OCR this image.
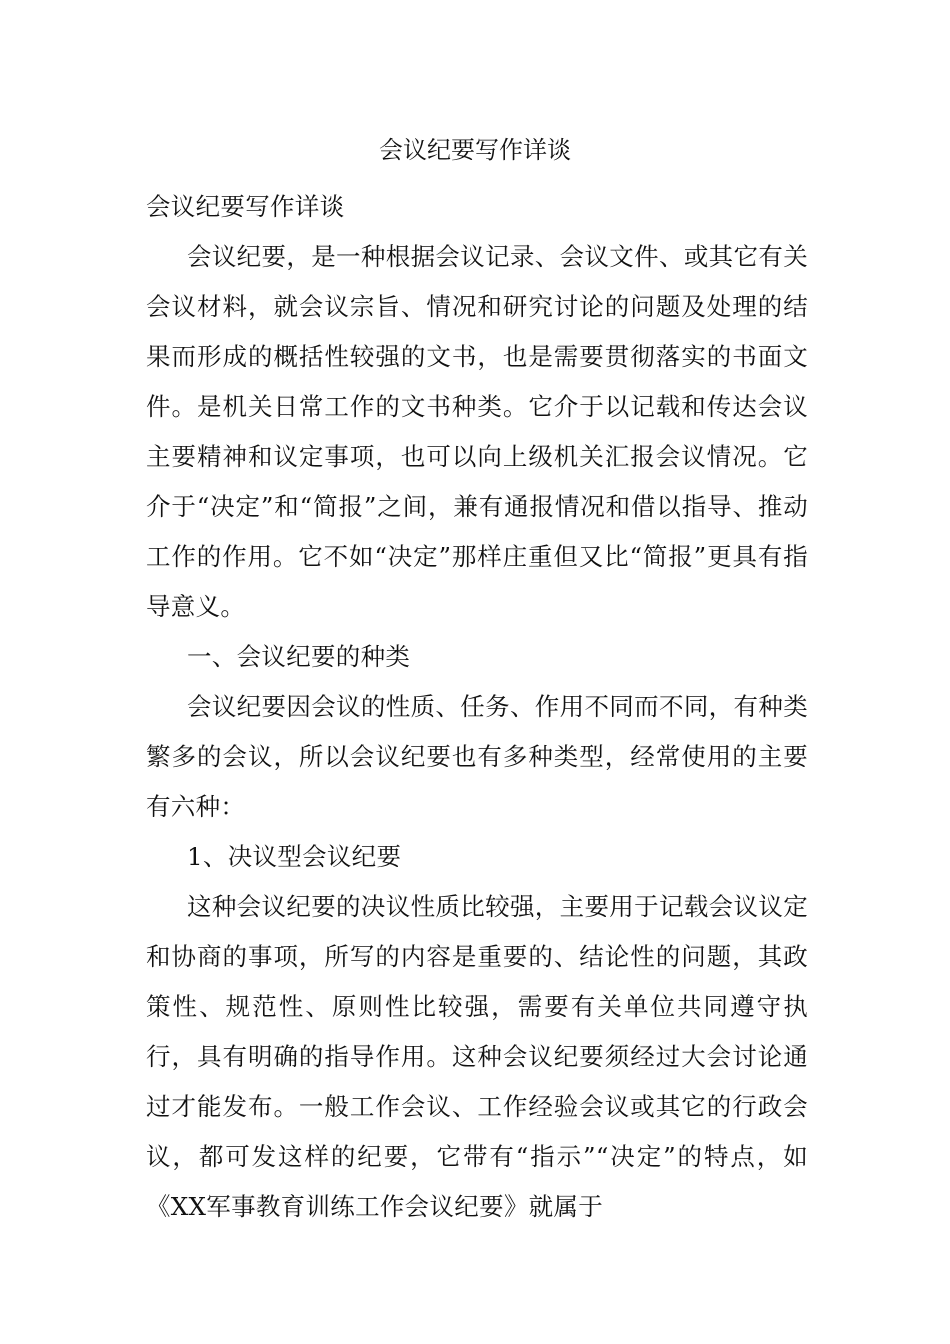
会议纪要写作详谈

会议纪要写作详谈

会议纪要，是一种根据会议记录、会议文件、或其它有关会议材料，就会议宗旨、情况和研究讨论的问题及处理的结果而形成的概括性较强的文书，也是需要贯彻落实的书面文件。是机关日常工作的文书种类。它介于以记载和传达会议主要精神和议定事项，也可以向上级机关汇报会议情况。它介于“决定”和“简报”之间，兼有通报情况和借以指导、推动工作的作用。它不如“决定”那样庄重但又比“简报”更具有指导意义。

一、会议纪要的种类

会议纪要因会议的性质、任务、作用不同而不同，有种类繁多的会议，所以会议纪要也有多种类型，经常使用的主要有六种：

1、决议型会议纪要

这种会议纪要的决议性质比较强，主要用于记载会议议定和协商的事项，所写的内容是重要的、结论性的问题，其政策性、规范性、原则性比较强，需要有关单位共同遵守执行，具有明确的指导作用。这种会议纪要须经过大会讨论通过才能发布。一般工作会议、工作经验会议或其它的行政会议，都可发这样的纪要，它带有“指示”“决定”的特点，如《XX军事教育训练工作会议纪要》就属于
